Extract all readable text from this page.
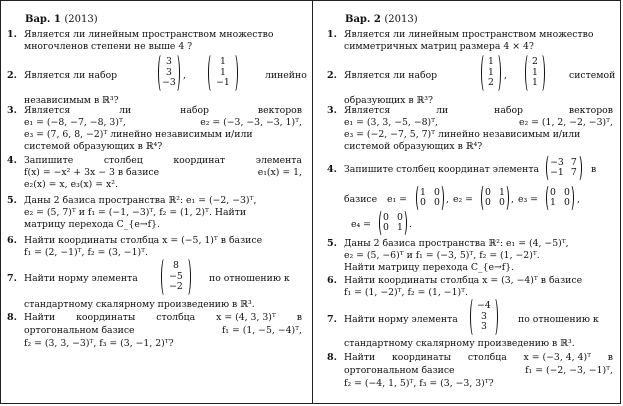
Вар. 1 (2013)
1. Является ли линейным пространством множество
многочленов степени не выше 4 ?
2. Является ли набор
3
3
−3
,
1
1
−1
линейно
независимым в ℝ³?
3. Является	ли	набор	векторов
e₁ = (−8, −7, −8, 3)ᵀ,	e₂ = (−3, −3, −3, 1)ᵀ,
e₃ = (7, 6, 8, −2)ᵀ линейно независимым и/или
системой образующих в ℝ⁴?
4. Запишите	столбец	координат	элемента
f(x) = −x² + 3x − 3 в базисе	e₁(x) = 1,
e₂(x) = x, e₃(x) = x².
5. Даны 2 базиса пространства ℝ²: e₁ = (−2, −3)ᵀ,
e₂ = (5, 7)ᵀ и f₁ = (−1, −3)ᵀ, f₂ = (1, 2)ᵀ. Найти
матрицу перехода C_{e→f}.
6. Найти координаты столбца x = (−5, 1)ᵀ в базисе
f₁ = (2, −1)ᵀ, f₂ = (3, −1)ᵀ.
7. Найти норму элемента
8
−5
−2
по отношению к
стандартному скалярному произведению в ℝ³.
8. Найти координаты столбца x = (4, 3, 3)ᵀ в
ортогональном базисе	f₁ = (1, −5, −4)ᵀ,
f₂ = (3, 3, −3)ᵀ, f₃ = (3, −1, 2)ᵀ?
Вар. 2 (2013)
1. Является ли линейным пространством множество
симметричных матриц размера 4 × 4?
2. Является ли набор
1
1
2
,
2
1
1
системой
образующих в ℝ³?
3. Является	ли	набор	векторов
e₁ = (3, 3, −5, −8)ᵀ,	e₂ = (1, 2, −2, −3)ᵀ,
e₃ = (−2, −7, 5, 7)ᵀ линейно независимым и/или
системой образующих в ℝ⁴?
4. Запишите столбец координат элемента
−3 7
−1 7 в
базисе e₁ =
1 0
0 0 , e₂ =
0 1
0 0 , e₃ =
0 0
1 0 ,
e₄ =
0 0
0 1 .
5. Даны 2 базиса пространства ℝ²: e₁ = (4, −5)ᵀ,
e₂ = (5, −6)ᵀ и f₁ = (−3, 5)ᵀ, f₂ = (1, −2)ᵀ.
Найти матрицу перехода C_{e→f}.
6. Найти координаты столбца x = (3, −4)ᵀ в базисе
f₁ = (1, −2)ᵀ, f₂ = (1, −1)ᵀ.
7. Найти норму элемента
−4
3
3
по отношению к
стандартному скалярному произведению в ℝ³.
8. Найти координаты столбца x = (−3, 4, 4)ᵀ в
ортогональном базисе	f₁ = (−2, −3, −1)ᵀ,
f₂ = (−4, 1, 5)ᵀ, f₃ = (3, −3, 3)ᵀ?
